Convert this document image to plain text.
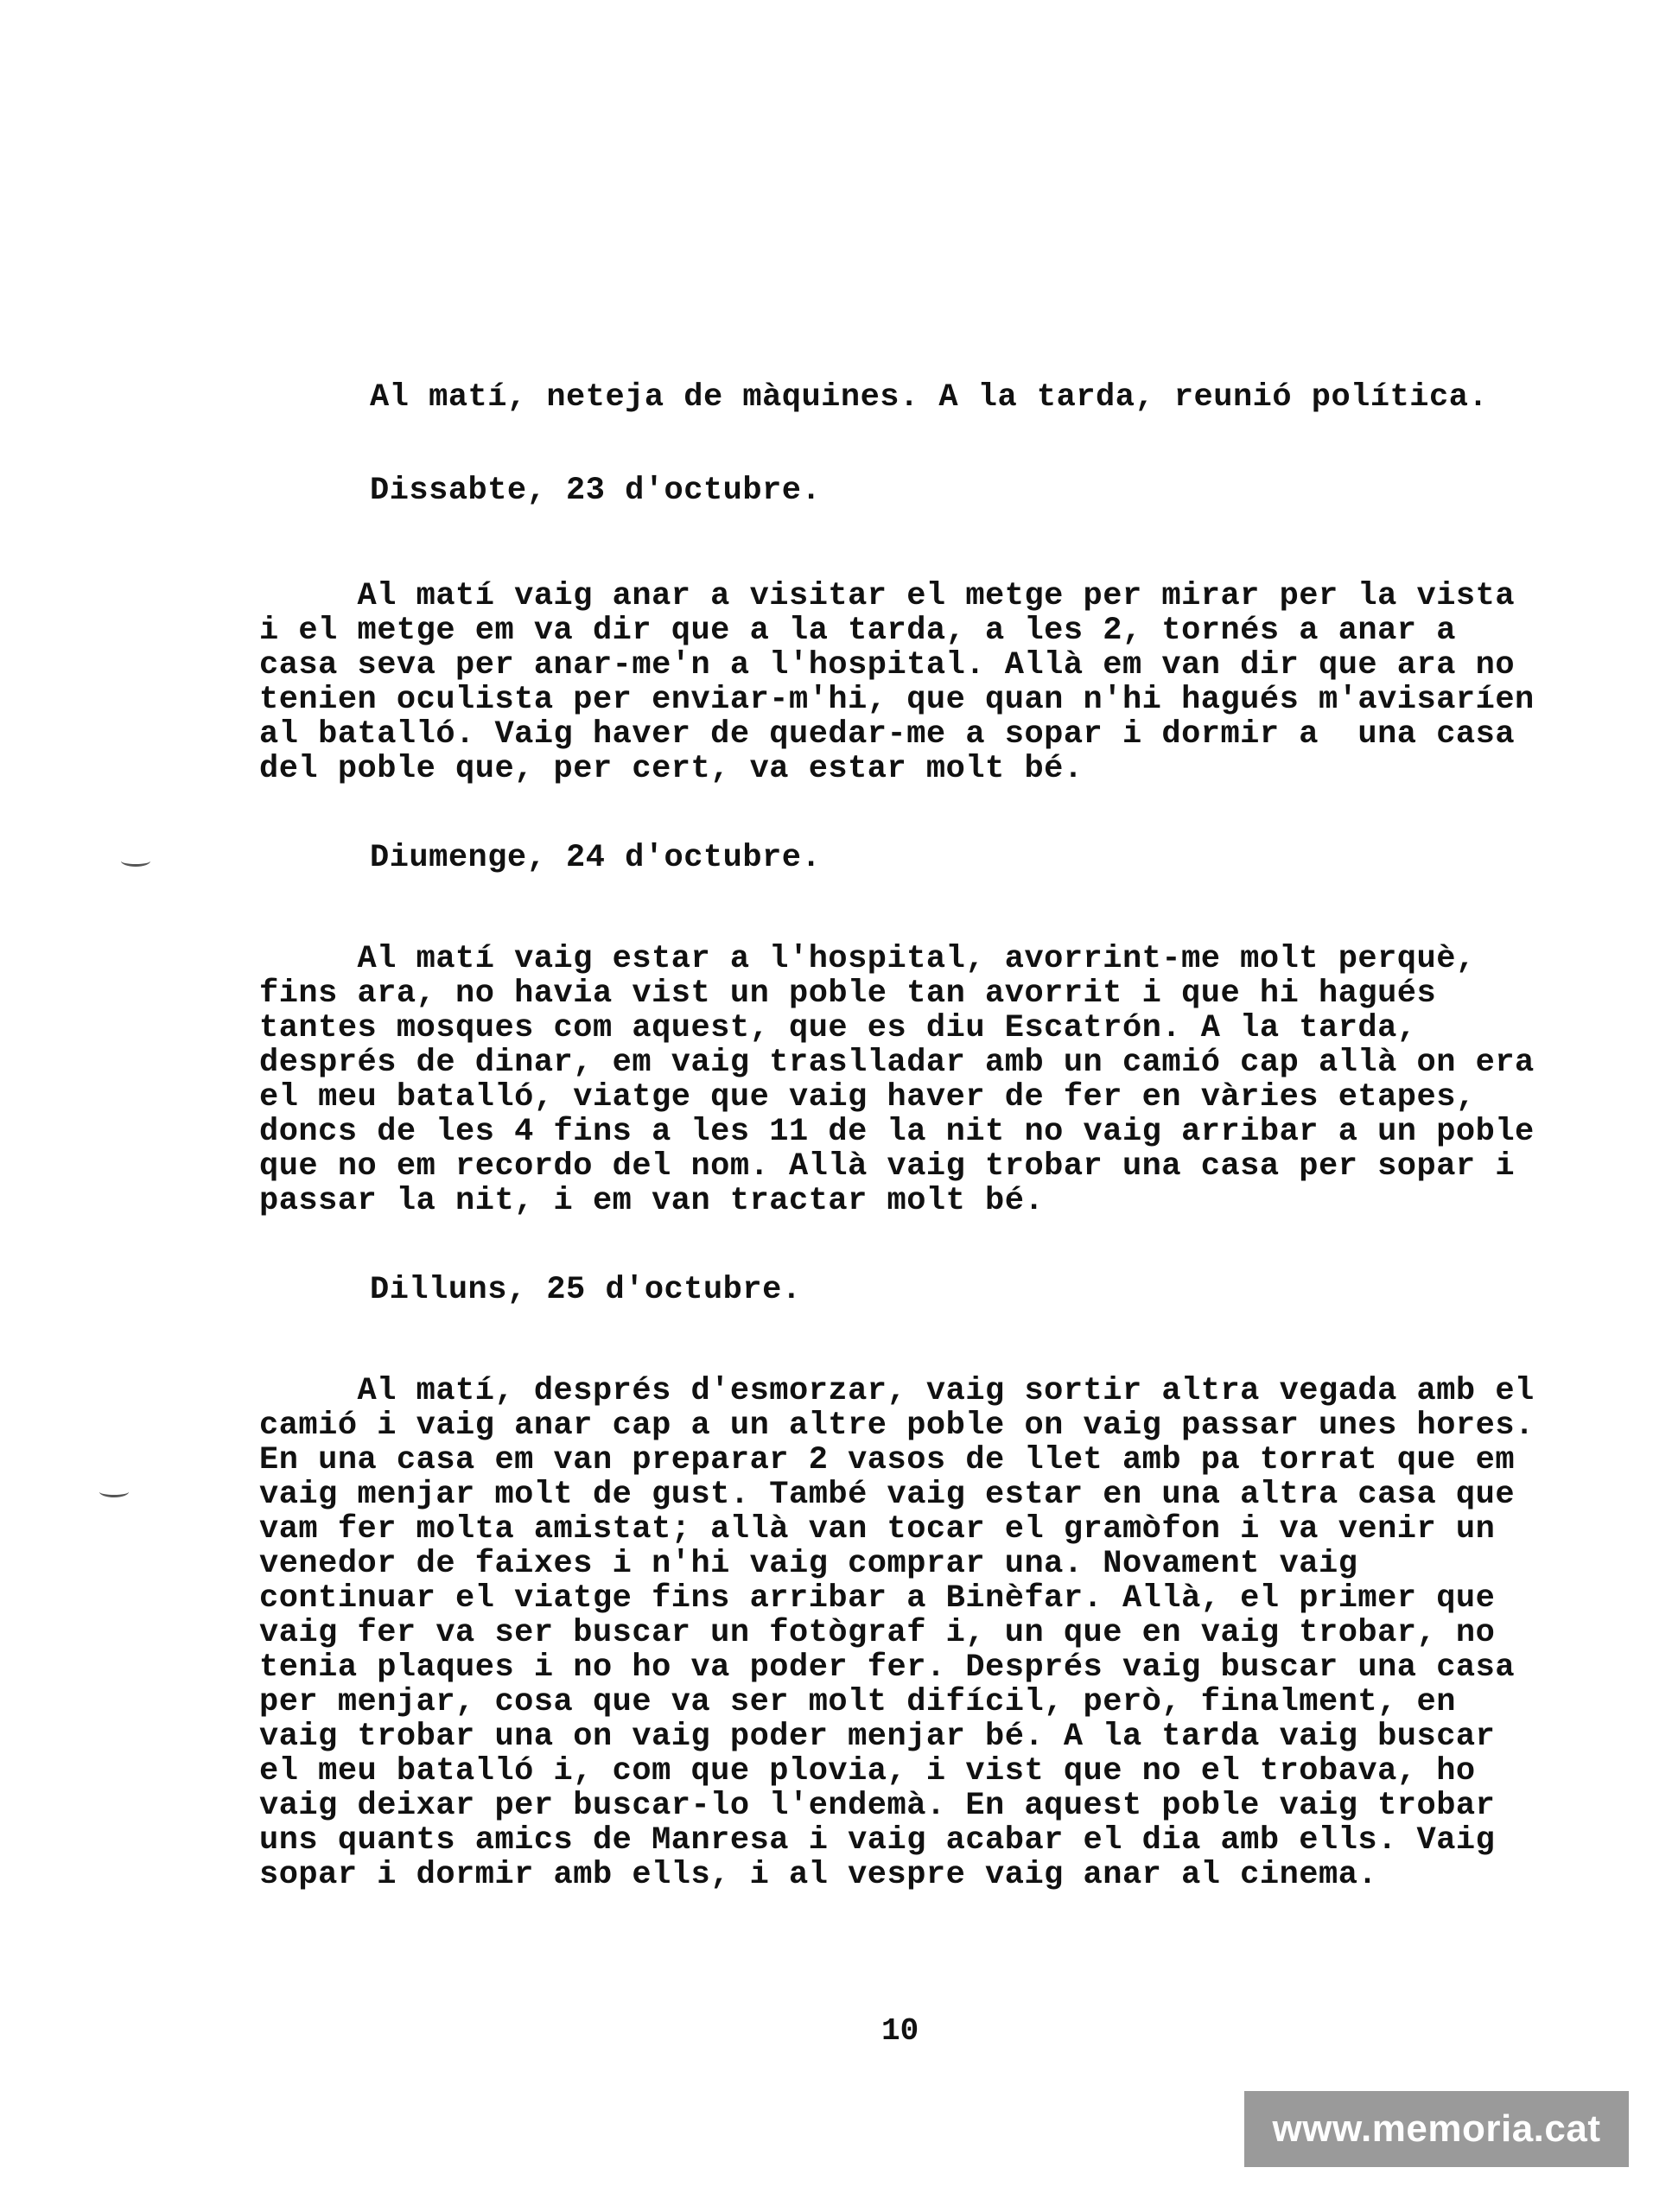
Al matí, neteja de màquines. A la tarda, reunió política.
Dissabte, 23 d'octubre.
Al matí vaig anar a visitar el metge per mirar per la vista
i el metge em va dir que a la tarda, a les 2, tornés a anar a
casa seva per anar-me'n a l'hospital. Allà em van dir que ara no
tenien oculista per enviar-m'hi, que quan n'hi hagués m'avisaríen
al batalló. Vaig haver de quedar-me a sopar i dormir a  una casa
del poble que, per cert, va estar molt bé.
Diumenge, 24 d'octubre.
Al matí vaig estar a l'hospital, avorrint-me molt perquè,
fins ara, no havia vist un poble tan avorrit i que hi hagués
tantes mosques com aquest, que es diu Escatrón. A la tarda,
després de dinar, em vaig traslladar amb un camió cap allà on era
el meu batalló, viatge que vaig haver de fer en vàries etapes,
doncs de les 4 fins a les 11 de la nit no vaig arribar a un poble
que no em recordo del nom. Allà vaig trobar una casa per sopar i
passar la nit, i em van tractar molt bé.
Dilluns, 25 d'octubre.
Al matí, després d'esmorzar, vaig sortir altra vegada amb el
camió i vaig anar cap a un altre poble on vaig passar unes hores.
En una casa em van preparar 2 vasos de llet amb pa torrat que em
vaig menjar molt de gust. També vaig estar en una altra casa que
vam fer molta amistat; allà van tocar el gramòfon i va venir un
venedor de faixes i n'hi vaig comprar una. Novament vaig
continuar el viatge fins arribar a Binèfar. Allà, el primer que
vaig fer va ser buscar un fotògraf i, un que en vaig trobar, no
tenia plaques i no ho va poder fer. Després vaig buscar una casa
per menjar, cosa que va ser molt difícil, però, finalment, en
vaig trobar una on vaig poder menjar bé. A la tarda vaig buscar
el meu batalló i, com que plovia, i vist que no el trobava, ho
vaig deixar per buscar-lo l'endemà. En aquest poble vaig trobar
uns quants amics de Manresa i vaig acabar el dia amb ells. Vaig
sopar i dormir amb ells, i al vespre vaig anar al cinema.
10
www.memoria.cat
